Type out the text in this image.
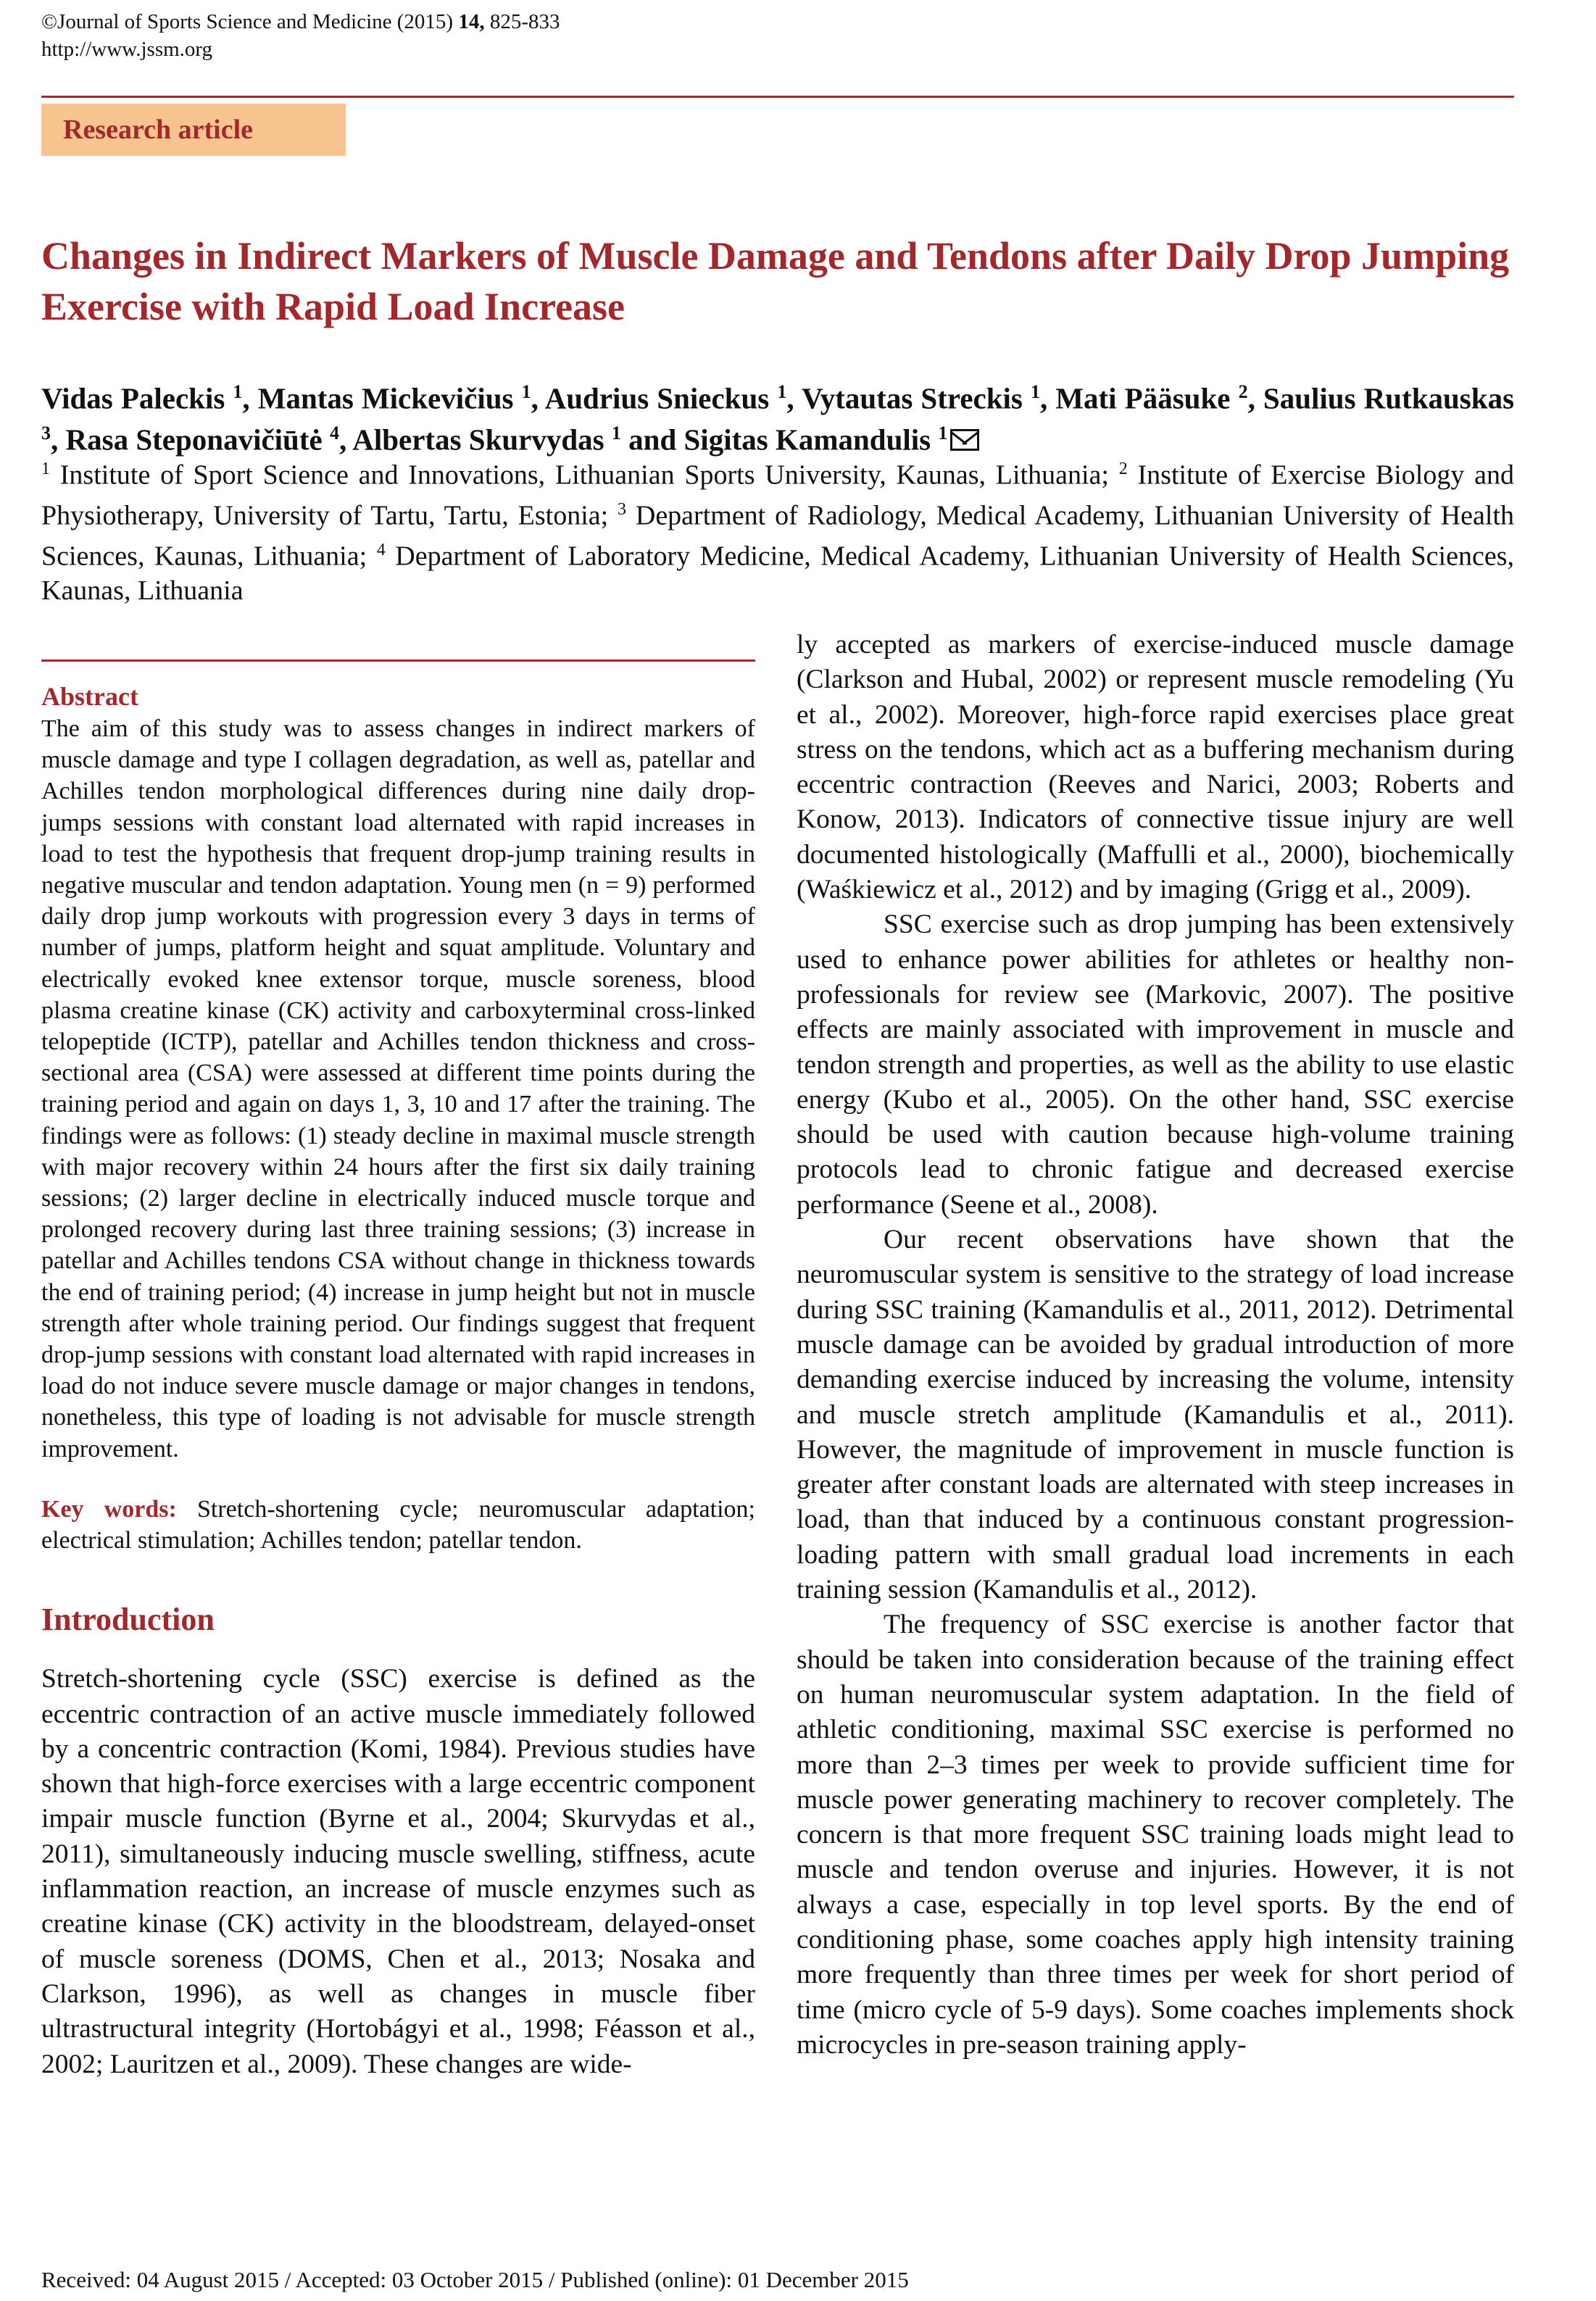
©Journal of Sports Science and Medicine (2015) 14, 825-833
http://www.jssm.org
Research article
Changes in Indirect Markers of Muscle Damage and Tendons after Daily Drop Jumping Exercise with Rapid Load Increase
Vidas Paleckis $^1$, Mantas Mickevičius $^1$, Audrius Snieckus $^1$, Vytautas Streckis $^1$, Mati Pääsuke $^2$, Saulius Rutkauskas $^3$, Rasa Steponavičiūtė $^4$, Albertas Skurvydas $^1$ and Sigitas Kamandulis $^1$
$^1$ Institute of Sport Science and Innovations, Lithuanian Sports University, Kaunas, Lithuania; $^2$ Institute of Exercise Biology and Physiotherapy, University of Tartu, Tartu, Estonia; $^3$ Department of Radiology, Medical Academy, Lithuanian University of Health Sciences, Kaunas, Lithuania; $^4$ Department of Laboratory Medicine, Medical Academy, Lithuanian University of Health Sciences, Kaunas, Lithuania
Abstract

The aim of this study was to assess changes in indirect markers of muscle damage and type I collagen degradation, as well as, patellar and Achilles tendon morphological differences during nine daily drop-jumps sessions with constant load alternated with rapid increases in load to test the hypothesis that frequent drop-jump training results in negative muscular and tendon adaptation. Young men (n = 9) performed daily drop jump workouts with progression every 3 days in terms of number of jumps, platform height and squat amplitude. Voluntary and electrically evoked knee extensor torque, muscle soreness, blood plasma creatine kinase (CK) activity and carboxyterminal cross-linked telopeptide (ICTP), patellar and Achilles tendon thickness and cross-sectional area (CSA) were assessed at different time points during the training period and again on days 1, 3, 10 and 17 after the training. The findings were as follows: (1) steady decline in maximal muscle strength with major recovery within 24 hours after the first six daily training sessions; (2) larger decline in electrically induced muscle torque and prolonged recovery during last three training sessions; (3) increase in patellar and Achilles tendons CSA without change in thickness towards the end of training period; (4) increase in jump height but not in muscle strength after whole training period. Our findings suggest that frequent drop-jump sessions with constant load alternated with rapid increases in load do not induce severe muscle damage or major changes in tendons, nonetheless, this type of loading is not advisable for muscle strength improvement.

Key words: Stretch-shortening cycle; neuromuscular adaptation; electrical stimulation; Achilles tendon; patellar tendon.

Introduction

Stretch-shortening cycle (SSC) exercise is defined as the eccentric contraction of an active muscle immediately followed by a concentric contraction (Komi, 1984). Previous studies have shown that high-force exercises with a large eccentric component impair muscle function (Byrne et al., 2004; Skurvydas et al., 2011), simultaneously inducing muscle swelling, stiffness, acute inflammation reaction, an increase of muscle enzymes such as creatine kinase (CK) activity in the bloodstream, delayed-onset of muscle soreness (DOMS, Chen et al., 2013; Nosaka and Clarkson, 1996), as well as changes in muscle fiber ultrastructural integrity (Hortobágyi et al., 1998; Féasson et al., 2002; Lauritzen et al., 2009). These changes are wide-

ly accepted as markers of exercise-induced muscle damage (Clarkson and Hubal, 2002) or represent muscle remodeling (Yu et al., 2002). Moreover, high-force rapid exercises place great stress on the tendons, which act as a buffering mechanism during eccentric contraction (Reeves and Narici, 2003; Roberts and Konow, 2013). Indicators of connective tissue injury are well documented histologically (Maffulli et al., 2000), biochemically (Waśkiewicz et al., 2012) and by imaging (Grigg et al., 2009).

SSC exercise such as drop jumping has been extensively used to enhance power abilities for athletes or healthy non-professionals for review see (Markovic, 2007). The positive effects are mainly associated with improvement in muscle and tendon strength and properties, as well as the ability to use elastic energy (Kubo et al., 2005). On the other hand, SSC exercise should be used with caution because high-volume training protocols lead to chronic fatigue and decreased exercise performance (Seene et al., 2008).

Our recent observations have shown that the neuromuscular system is sensitive to the strategy of load increase during SSC training (Kamandulis et al., 2011, 2012). Detrimental muscle damage can be avoided by gradual introduction of more demanding exercise induced by increasing the volume, intensity and muscle stretch amplitude (Kamandulis et al., 2011). However, the magnitude of improvement in muscle function is greater after constant loads are alternated with steep increases in load, than that induced by a continuous constant progression-loading pattern with small gradual load increments in each training session (Kamandulis et al., 2012).

The frequency of SSC exercise is another factor that should be taken into consideration because of the training effect on human neuromuscular system adaptation. In the field of athletic conditioning, maximal SSC exercise is performed no more than 2–3 times per week to provide sufficient time for muscle power generating machinery to recover completely. The concern is that more frequent SSC training loads might lead to muscle and tendon overuse and injuries. However, it is not always a case, especially in top level sports. By the end of conditioning phase, some coaches apply high intensity training more frequently than three times per week for short period of time (micro cycle of 5-9 days). Some coaches implements shock microcycles in pre-season training apply-

Received: 04 August 2015 / Accepted: 03 October 2015 / Published (online): 01 December 2015
